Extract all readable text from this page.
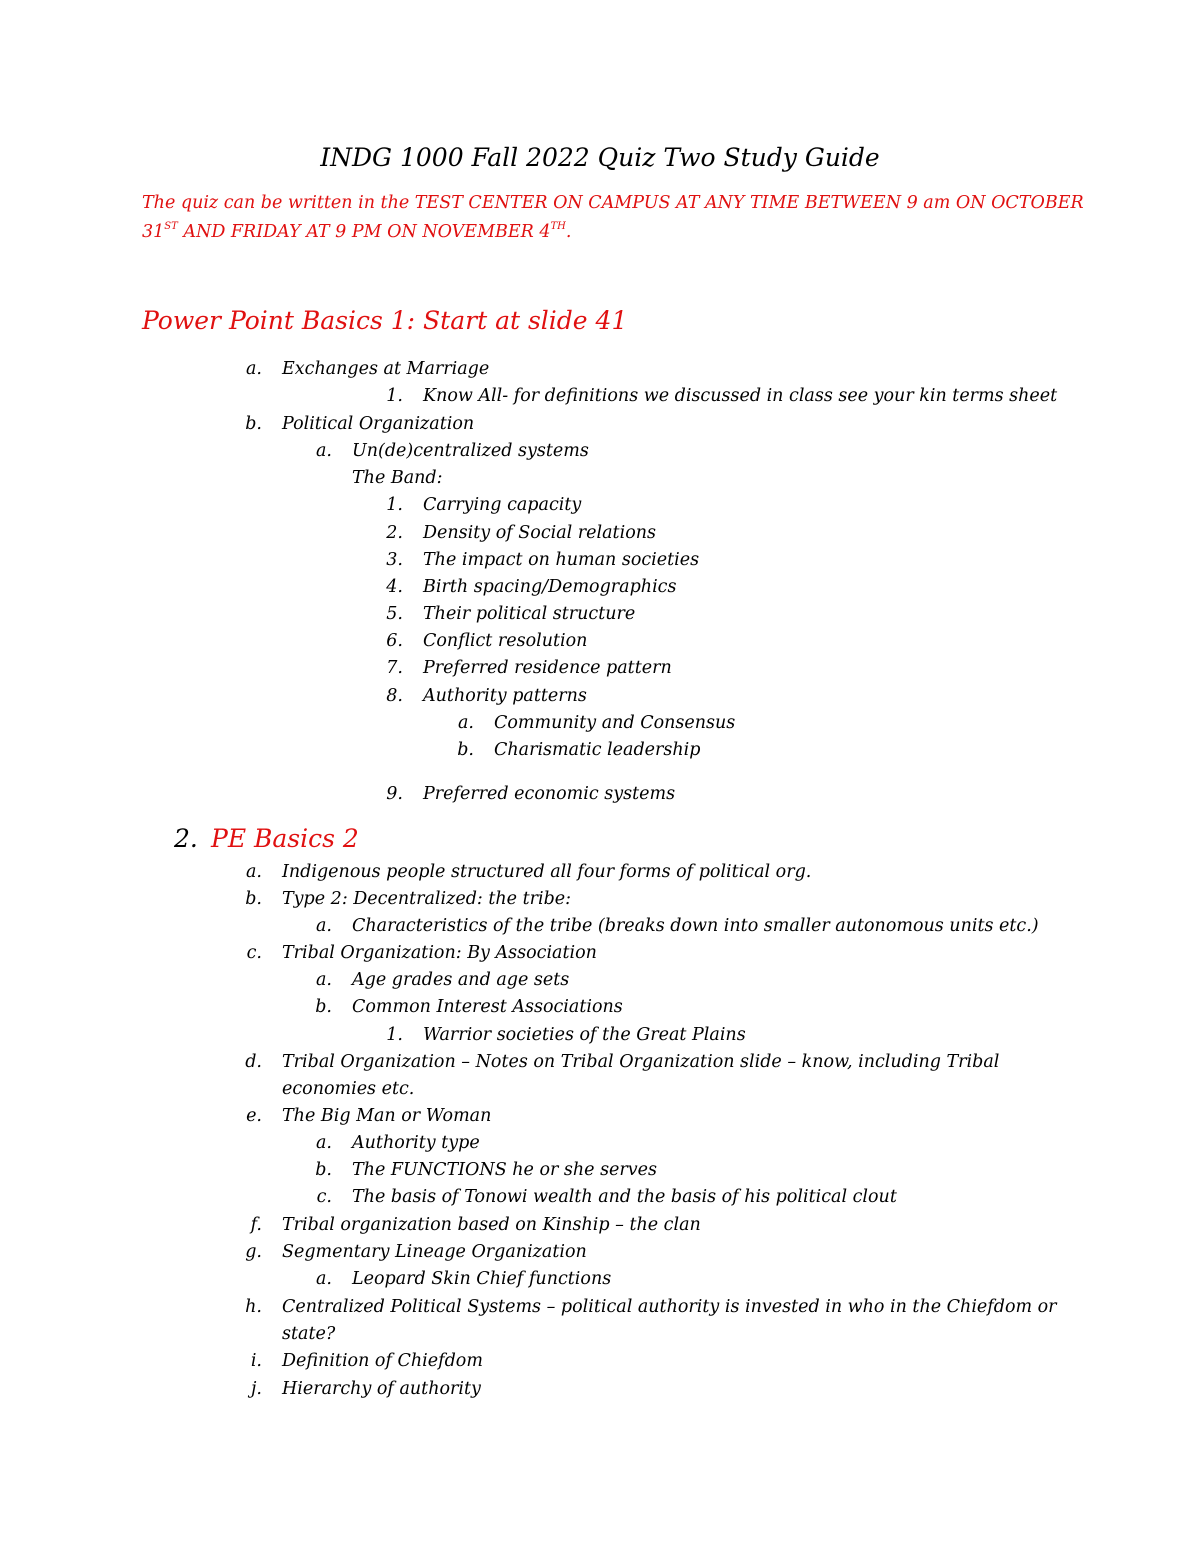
INDG 1000 Fall 2022 Quiz Two Study Guide
The quiz can be written in the TEST CENTER ON CAMPUS AT ANY TIME BETWEEN 9 am ON OCTOBER
31ST AND FRIDAY AT 9 PM ON NOVEMBER 4TH.
Power Point Basics 1: Start at slide 41
a. Exchanges at Marriage
1. Know All- for definitions we discussed in class see your kin terms sheet
b. Political Organization
a. Un(de)centralized systems
The Band:
1. Carrying capacity
2. Density of Social relations
3. The impact on human societies
4. Birth spacing/Demographics
5. Their political structure
6. Conflict resolution
7. Preferred residence pattern
8. Authority patterns
a. Community and Consensus
b. Charismatic leadership
9. Preferred economic systems
2. PE Basics 2
a. Indigenous people structured all four forms of political org.
b. Type 2: Decentralized: the tribe:
a. Characteristics of the tribe (breaks down into smaller autonomous units etc.)
c. Tribal Organization: By Association
a. Age grades and age sets
b. Common Interest Associations
1. Warrior societies of the Great Plains
d. Tribal Organization – Notes on Tribal Organization slide – know, including Tribal
economies etc.
e. The Big Man or Woman
a. Authority type
b. The FUNCTIONS he or she serves
c. The basis of Tonowi wealth and the basis of his political clout
f. Tribal organization based on Kinship – the clan
g. Segmentary Lineage Organization
a. Leopard Skin Chief functions
h. Centralized Political Systems – political authority is invested in who in the Chiefdom or
state?
i. Definition of Chiefdom
j. Hierarchy of authority
